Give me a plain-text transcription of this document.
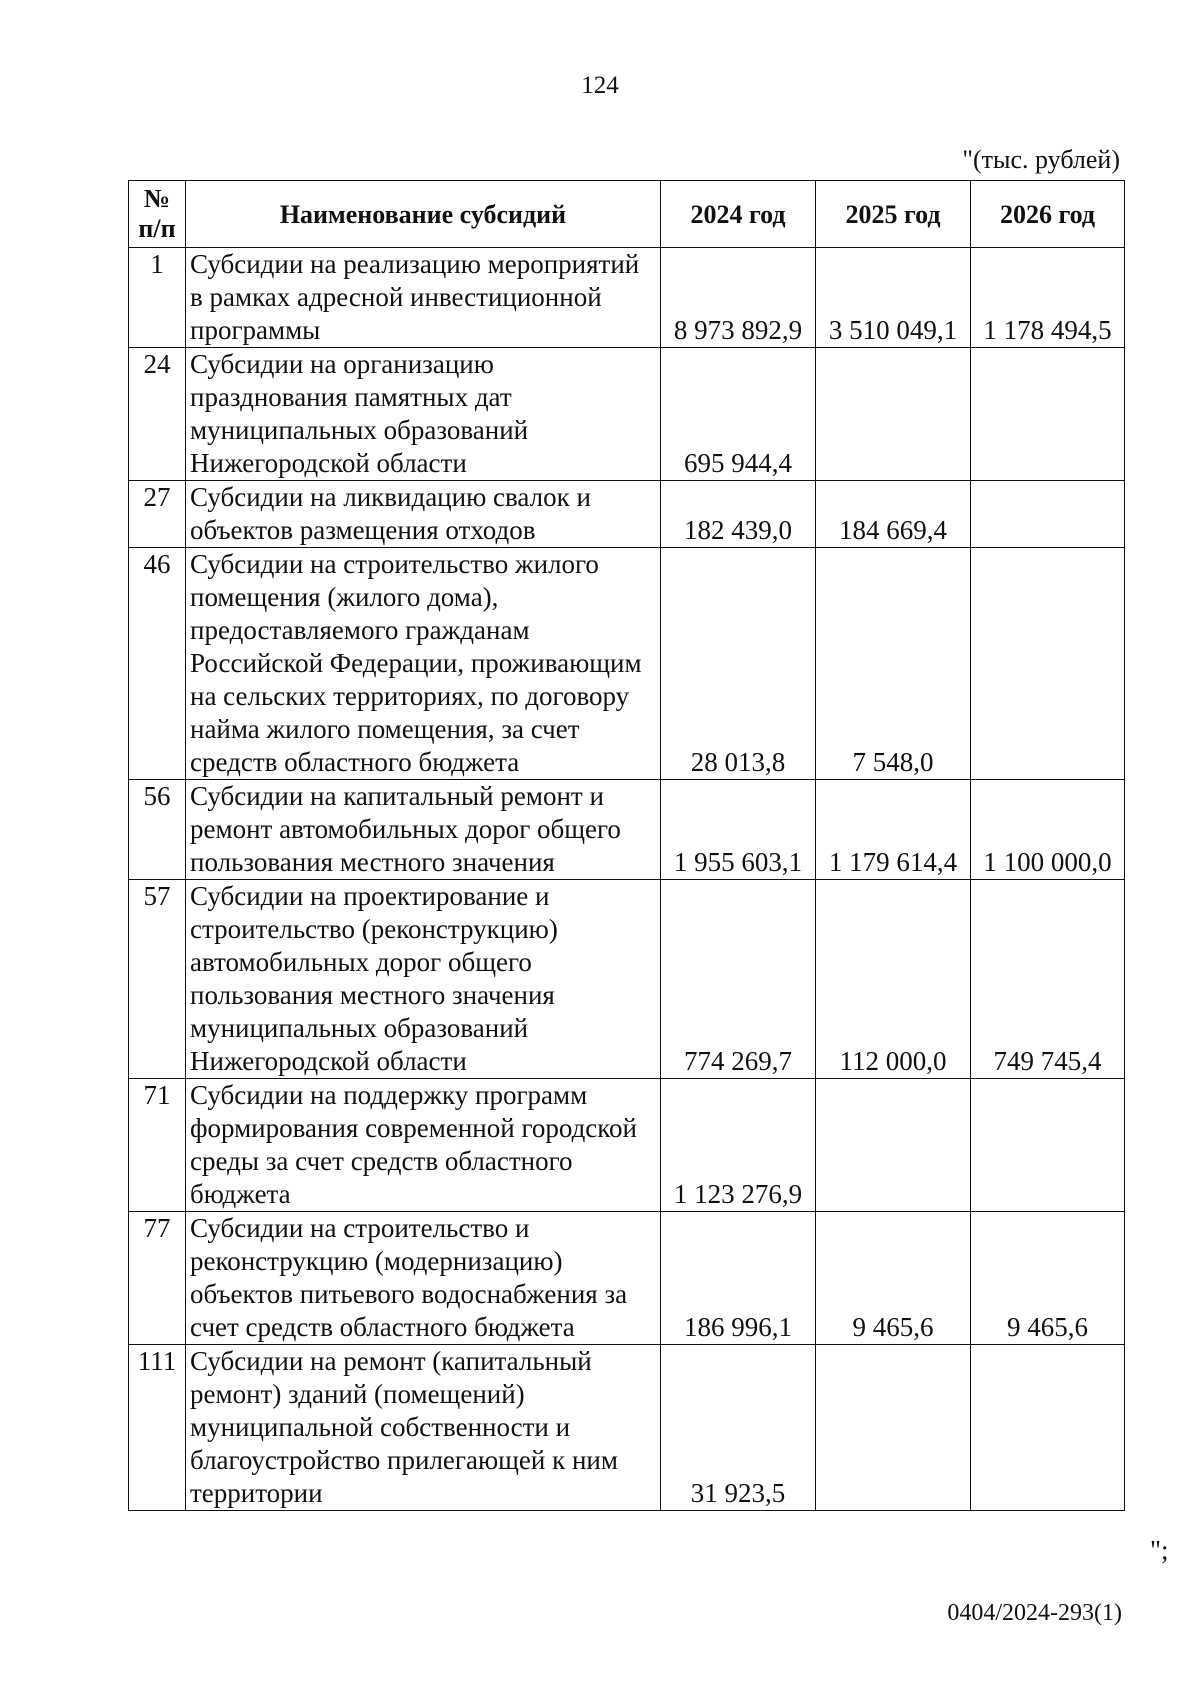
124
"(тыс. рублей)
№ п/п	Наименование субсидий	2024 год	2025 год	2026 год
1	Субсидии на реализацию мероприятий в рамках адресной инвестиционной программы	8 973 892,9	3 510 049,1	1 178 494,5
24	Субсидии на организацию празднования памятных дат муниципальных образований Нижегородской области	695 944,4		
27	Субсидии на ликвидацию свалок и объектов размещения отходов	182 439,0	184 669,4	
46	Субсидии на строительство жилого помещения (жилого дома), предоставляемого гражданам Российской Федерации, проживающим на сельских территориях, по договору найма жилого помещения, за счет средств областного бюджета	28 013,8	7 548,0	
56	Субсидии на капитальный ремонт и ремонт автомобильных дорог общего пользования местного значения	1 955 603,1	1 179 614,4	1 100 000,0
57	Субсидии на проектирование и строительство (реконструкцию) автомобильных дорог общего пользования местного значения муниципальных образований Нижегородской области	774 269,7	112 000,0	749 745,4
71	Субсидии на поддержку программ формирования современной городской среды за счет средств областного бюджета	1 123 276,9		
77	Субсидии на строительство и реконструкцию (модернизацию) объектов питьевого водоснабжения за счет средств областного бюджета	186 996,1	9 465,6	9 465,6
111	Субсидии на ремонт (капитальный ремонт) зданий (помещений) муниципальной собственности и благоустройство прилегающей к ним территории	31 923,5		
";
0404/2024-293(1)
